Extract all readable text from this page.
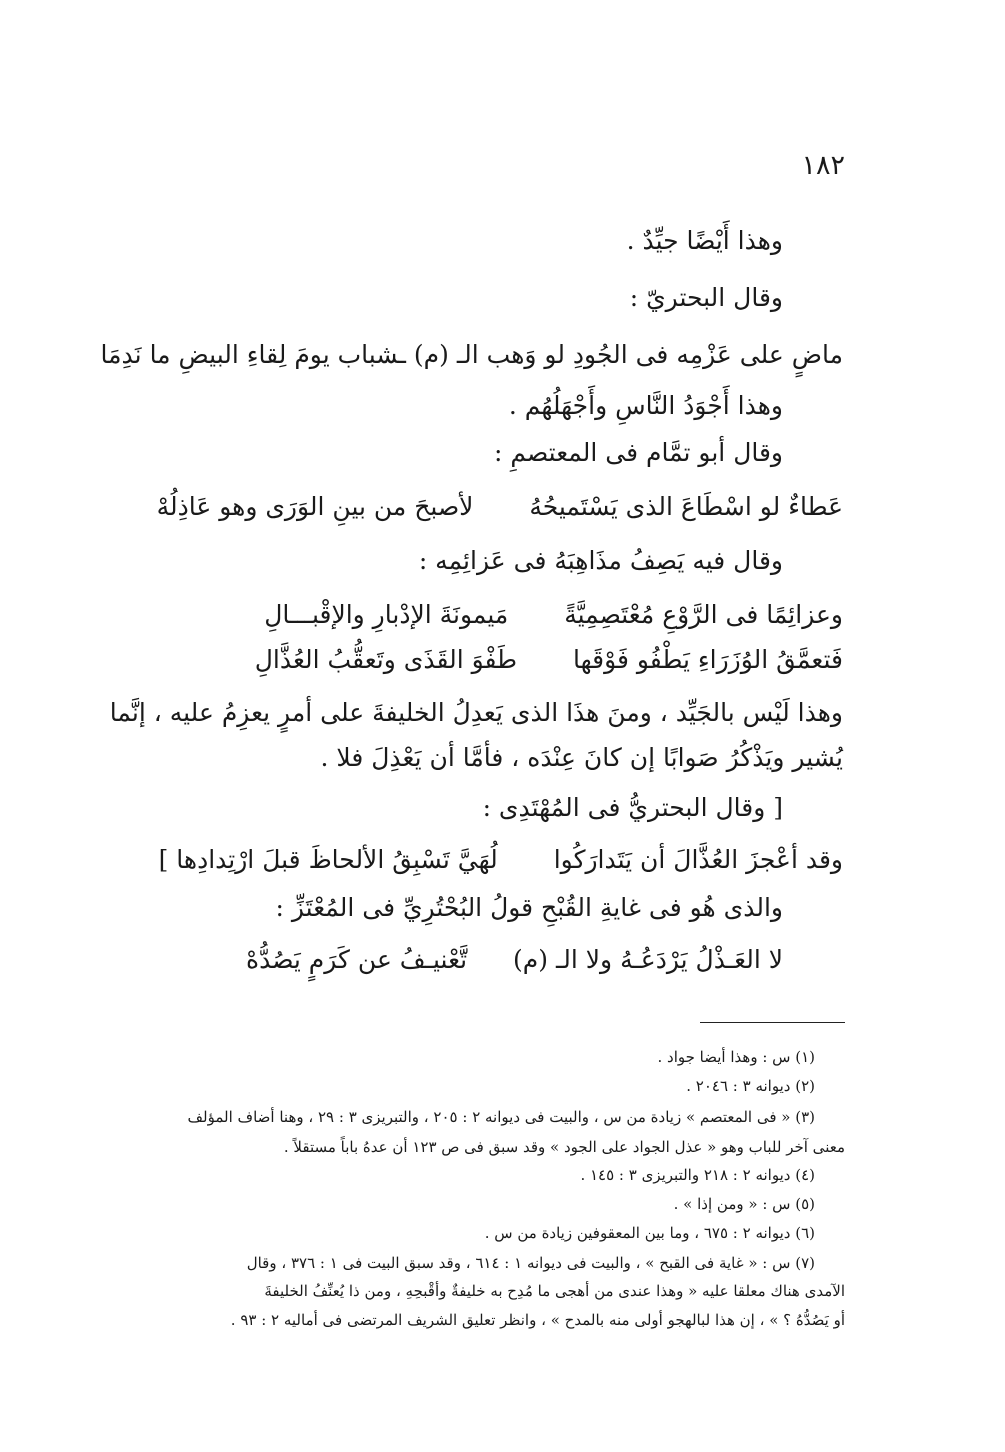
١٨٢
وهذا أَيْضًا جيِّدٌ .
وقال البحتريّ :
ماضٍ على عَزْمِه فى الجُودِ لو وَهب الـ (م) ـشباب يومَ لِقاءِ البيضِ ما نَدِمَا
وهذا أَجْوَدُ النَّاسِ وأَجْهَلُهُم .
وقال أبو تمَّام فى المعتصمِ :
عَطاءٌ لو اسْطَاعَ الذى يَسْتَميحُهُ  لأصبحَ من بينِ الوَرَى وهو عَاذِلُهْ
وقال فيه يَصِفُ مذَاهِبَهُ فى عَزائِمِه :
وعزائِمًا فى الرَّوْعِ مُعْتَصِمِيَّةً  مَيمونَةَ الإدْبارِ والإقْبـــالِ
فَتعمَّقُ الوُزَرَاءِ يَطْفُو فَوْقَها  طَفْوَ القَذَى وتَعقُّبُ العُذَّالِ
وهذا لَيْس بالجَيِّد ، ومنَ هذَا الذى يَعدِلُ الخليفةَ على أمرٍ يعزِمُ عليه ، إنَّما
يُشير ويَذْكُرُ صَوابًا إن كانَ عِنْدَه ، فأمَّا أن يَعْذِلَ فلا .
[ وقال البحتريُّ فى المُهْتَدِى :
وقد أعْجزَ العُذَّالَ أن يَتَدارَكُوا  لُهَيَّ تَسْبِقُ الألحاظَ قبلَ ارْتِدادِها ]
والذى هُو فى غايةِ القُبْحِ قولُ البُحْتُرِيِّ فى المُعْتَزِّ :
لا العَـذْلُ يَرْدَعُـهُ ولا الـ (م)  تَّعْنيـفُ عن كَرَمٍ يَصُدُّهْ
(١) س : وهذا أيضا جواد .
(٢) ديوانه ٣ : ٢٠٤٦ .
(٣) « فى المعتصم » زيادة من س ، والبيت فى ديوانه ٢ : ٢٠٥ ، والتبريزى ٣ : ٢٩ ، وهنا أضاف المؤلف
معنى آخر للباب وهو « عذل الجواد على الجود » وقد سبق فى ص ١٢٣ أن عدهُ باباً مستقلاً .
(٤) ديوانه ٢ : ٢١٨ والتبريزى ٣ : ١٤٥ .
(٥) س : « ومن إذا » .
(٦) ديوانه ٢ : ٦٧٥ ، وما بين المعقوفين زيادة من س .
(٧) س : « غاية فى القبح » ، والبيت فى ديوانه ١ : ٦١٤ ، وقد سبق البيت فى ١ : ٣٧٦ ، وقال
الآمدى هناك معلقا عليه « وهذا عندى من أهجى ما مُدِح به خليفةٌ وأقْبحِهِ ، ومن ذا يُعنِّفُ الخليفةَ
أو يَصُدُّهُ ؟ » ، إن هذا لبالهجو أولى منه بالمدح » ، وانظر تعليق الشريف المرتضى فى أماليه ٢ : ٩٣ .
